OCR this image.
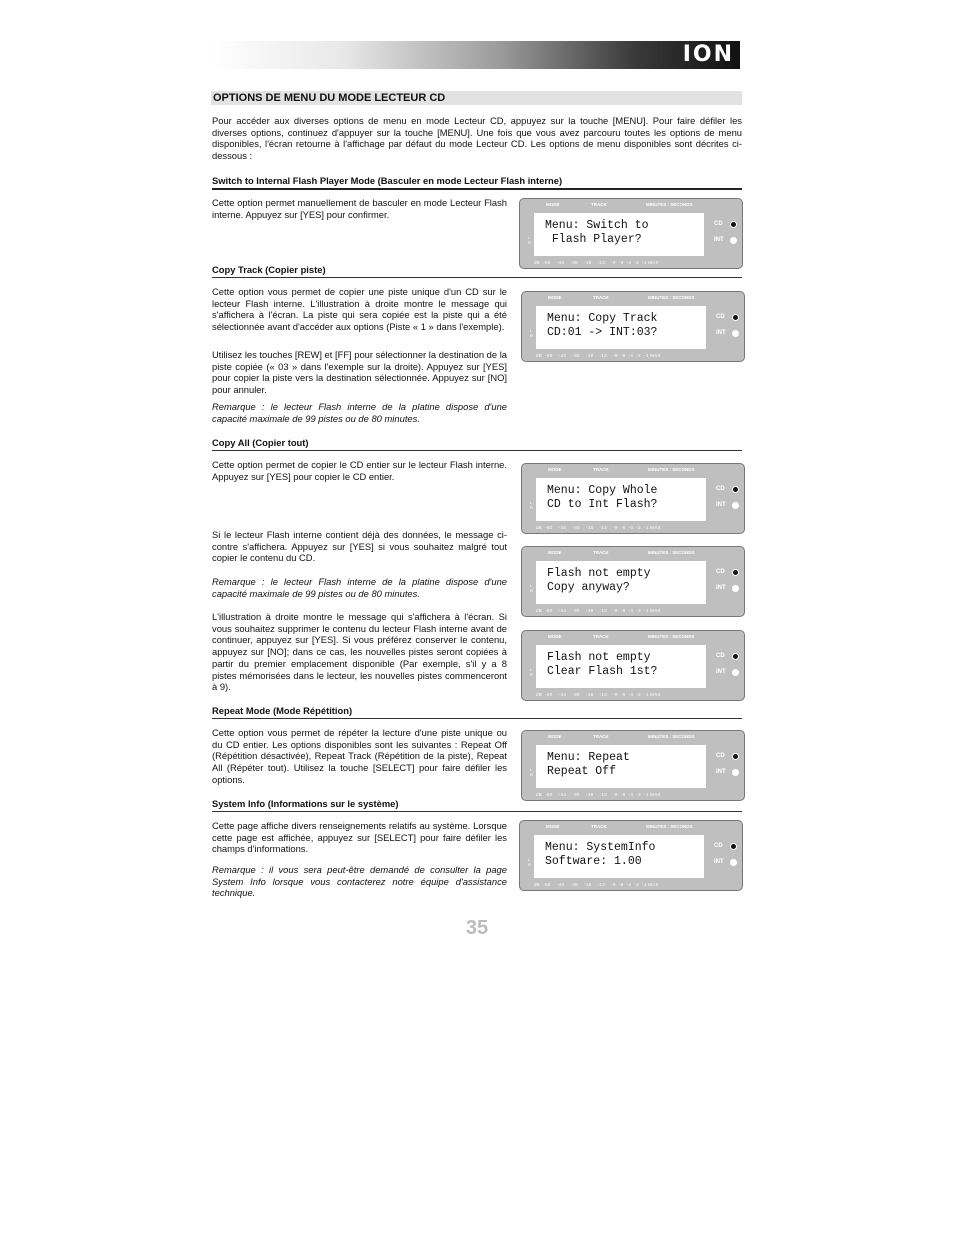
ION
OPTIONS DE MENU DU MODE LECTEUR CD
Pour accéder aux diverses options de menu en mode Lecteur CD, appuyez sur la touche [MENU]. Pour faire défiler les diverses options, continuez d'appuyer sur la touche [MENU]. Une fois que vous avez parcouru toutes les options de menu disponibles, l'écran retourne à l'affichage par défaut du mode Lecteur CD. Les options de menu disponibles sont décrites ci-dessous :
Switch to Internal Flash Player Mode (Basculer en mode Lecteur Flash interne)
Cette option permet manuellement de basculer en mode Lecteur Flash interne. Appuyez sur [YES] pour confirmer.
Copy Track (Copier piste)
Cette option vous permet de copier une piste unique d'un CD sur le lecteur Flash interne. L'illustration à droite montre le message qui s'affichera à l'écran. La piste qui sera copiée est la piste qui a été sélectionnée avant d'accéder aux options (Piste « 1 » dans l'exemple).
Utilisez les touches [REW] et [FF] pour sélectionner la destination de la piste copiée (« 03 » dans l'exemple sur la droite). Appuyez sur [YES] pour copier la piste vers la destination sélectionnée. Appuyez sur [NO] pour annuler.
Remarque : le lecteur Flash interne de la platine dispose d'une capacité maximale de 99 pistes ou de 80 minutes.
Copy All (Copier tout)
Cette option permet de copier le CD entier sur le lecteur Flash interne. Appuyez sur [YES] pour copier le CD entier.
Si le lecteur Flash interne contient déjà des données, le message ci-contre s'affichera. Appuyez sur [YES] si vous souhaitez malgré tout copier le contenu du CD.
Remarque : le lecteur Flash interne de la platine dispose d'une capacité maximale de 99 pistes ou de 80 minutes.
L'illustration à droite montre le message qui s'affichera à l'écran. Si vous souhaitez supprimer le contenu du lecteur Flash interne avant de continuer, appuyez sur [YES]. Si vous préférez conserver le contenu, appuyez sur [NO]; dans ce cas, les nouvelles pistes seront copiées à partir du premier emplacement disponible (Par exemple, s'il y a 8 pistes mémorisées dans le lecteur, les nouvelles pistes commenceront à 9).
Repeat Mode (Mode Répétition)
Cette option vous permet de répéter la lecture d'une piste unique ou du CD entier. Les options disponibles sont les suivantes : Repeat Off (Répétition désactivée), Repeat Track (Répétition de la piste), Repeat All (Répéter tout). Utilisez la touche [SELECT] pour faire défiler les options.
System Info (Informations sur le système)
Cette page affiche divers renseignements relatifs au système. Lorsque cette page est affichée, appuyez sur [SELECT] pour faire défiler les champs d'informations.
Remarque : il vous sera peut-être demandé de consulter la page System Info lorsque vous contacterez notre équipe d'assistance technique.
MODE	TRACK	MINUTES : SECONDS
Menu: Switch to
Flash Player?
L
R
dB  -60    -44    -30    -18    -13    -9  -6  -4  -2  -1 MAX
CD
INT
MODE	TRACK	MINUTES : SECONDS
Menu: Copy Track
CD:01 -> INT:03?
L
R
dB  -60    -44    -30    -18    -13    -9  -6  -4  -2  -1 MAX
CD
INT
MODE	TRACK	MINUTES : SECONDS
Menu: Copy Whole
CD to Int Flash?
L
R
dB  -60    -44    -30    -18    -13    -9  -6  -4  -2  -1 MAX
CD
INT
MODE	TRACK	MINUTES : SECONDS
Flash not empty
Copy anyway?
L
R
dB  -60    -44    -30    -18    -13    -9  -6  -4  -2  -1 MAX
CD
INT
MODE	TRACK	MINUTES : SECONDS
Flash not empty
Clear Flash 1st?
L
R
dB  -60    -44    -30    -18    -13    -9  -6  -4  -2  -1 MAX
CD
INT
MODE	TRACK	MINUTES : SECONDS
Menu: Repeat
Repeat Off
L
R
dB  -60    -44    -30    -18    -13    -9  -6  -4  -2  -1 MAX
CD
INT
MODE	TRACK	MINUTES : SECONDS
Menu: SystemInfo
Software: 1.00
L
R
dB  -60    -44    -30    -18    -13    -9  -6  -4  -2  -1 MAX
CD
INT
35
